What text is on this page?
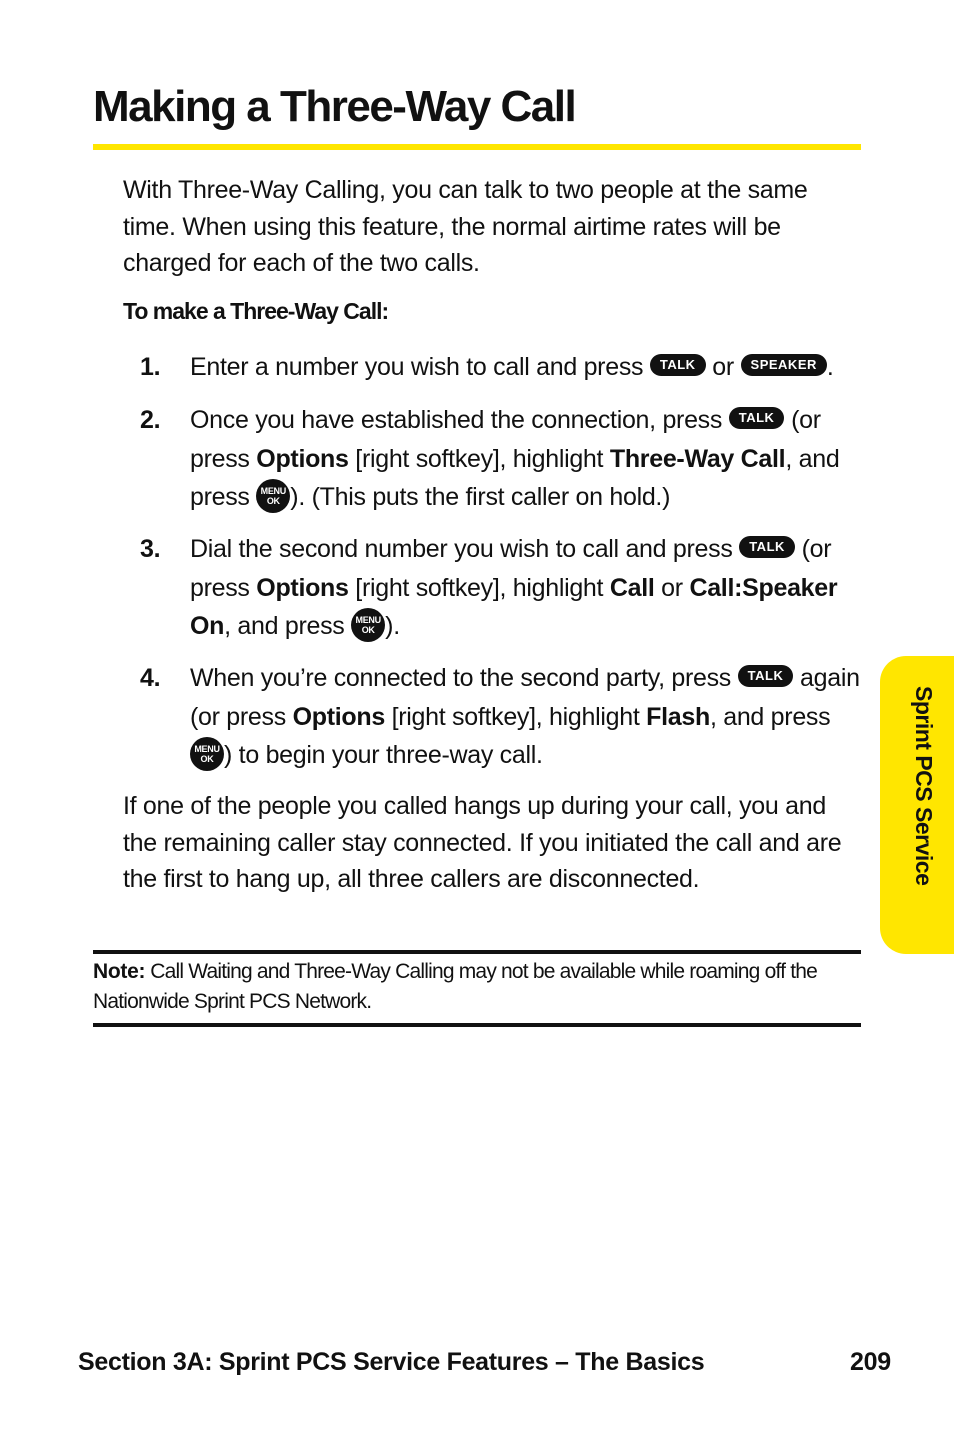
Making a Three-Way Call

With Three-Way Calling, you can talk to two people at the same time. When using this feature, the normal airtime rates will be charged for each of the two calls.

To make a Three-Way Call:

1.	Enter a number you wish to call and press TALK or SPEAKER .
2.	Once you have established the connection, press TALK (or press Options [right softkey], highlight Three-Way Call, and press	MENU
OK ). (This puts the first caller on hold.)
3.	Dial the second number you wish to call and press TALK (or press Options [right softkey], highlight Call or Call:Speaker On, and press	MENU
OK ).
4.	When you’re connected to the second party, press TALK again (or press Options [right softkey], highlight Flash, and press
MENU
OK ) to begin your three-way call.

If one of the people you called hangs up during your call, you and the remaining caller stay connected. If you initiated the call and are the first to hang up, all three callers are disconnected.

Note: Call Waiting and Three-Way Calling may not be available while roaming off the Nationwide Sprint PCS Network.
Sprint PCS Service
Section 3A: Sprint PCS Service Features – The Basics	209
